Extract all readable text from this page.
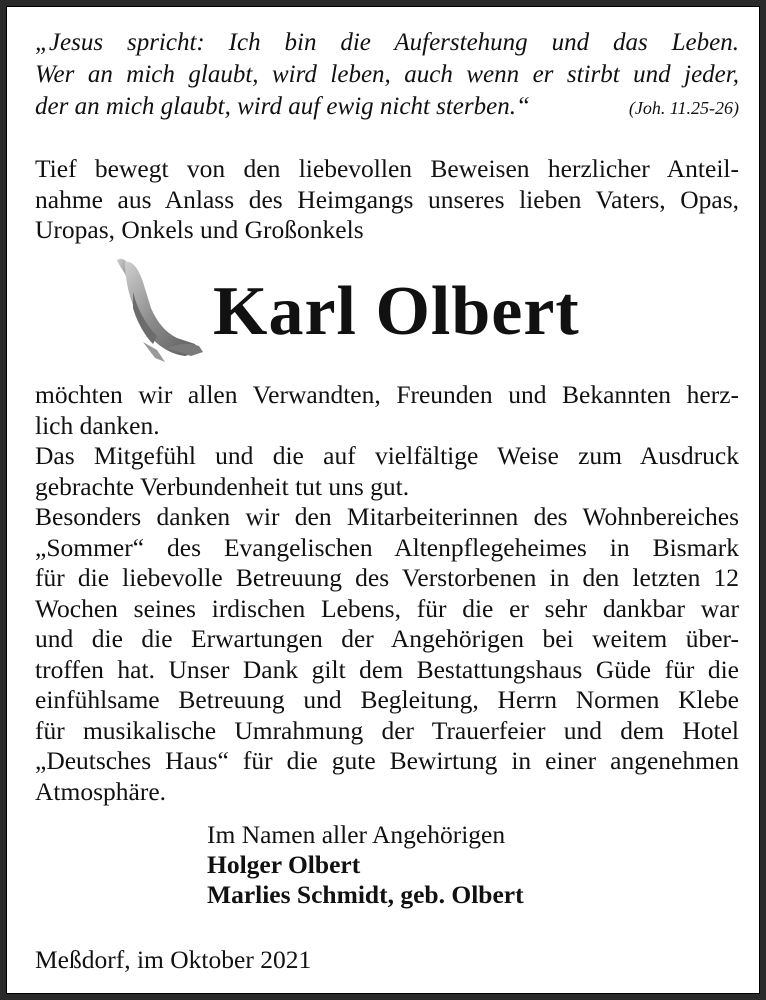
„Jesus spricht: Ich bin die Auferstehung und das Leben.
Wer an mich glaubt, wird leben, auch wenn er stirbt und jeder,
der an mich glaubt, wird auf ewig nicht sterben.“	(Joh. 11.25-26)
Tief bewegt von den liebevollen Beweisen herzlicher Anteil-
nahme aus Anlass des Heimgangs unseres lieben Vaters, Opas,
Uropas, Onkels und Großonkels
Karl Olbert
möchten wir allen Verwandten, Freunden und Bekannten herz-
lich danken.
Das Mitgefühl und die auf vielfältige Weise zum Ausdruck
gebrachte Verbundenheit tut uns gut.
Besonders danken wir den Mitarbeiterinnen des Wohnbereiches
„Sommer“ des Evangelischen Altenpflegeheimes in Bismark
für die liebevolle Betreuung des Verstorbenen in den letzten 12
Wochen seines irdischen Lebens, für die er sehr dankbar war
und die die Erwartungen der Angehörigen bei weitem über-
troffen hat. Unser Dank gilt dem Bestattungshaus Güde für die
einfühlsame Betreuung und Begleitung, Herrn Normen Klebe
für musikalische Umrahmung der Trauerfeier und dem Hotel
„Deutsches Haus“ für die gute Bewirtung in einer angenehmen
Atmosphäre.
Im Namen aller Angehörigen
Holger Olbert
Marlies Schmidt, geb. Olbert
Meßdorf, im Oktober 2021
